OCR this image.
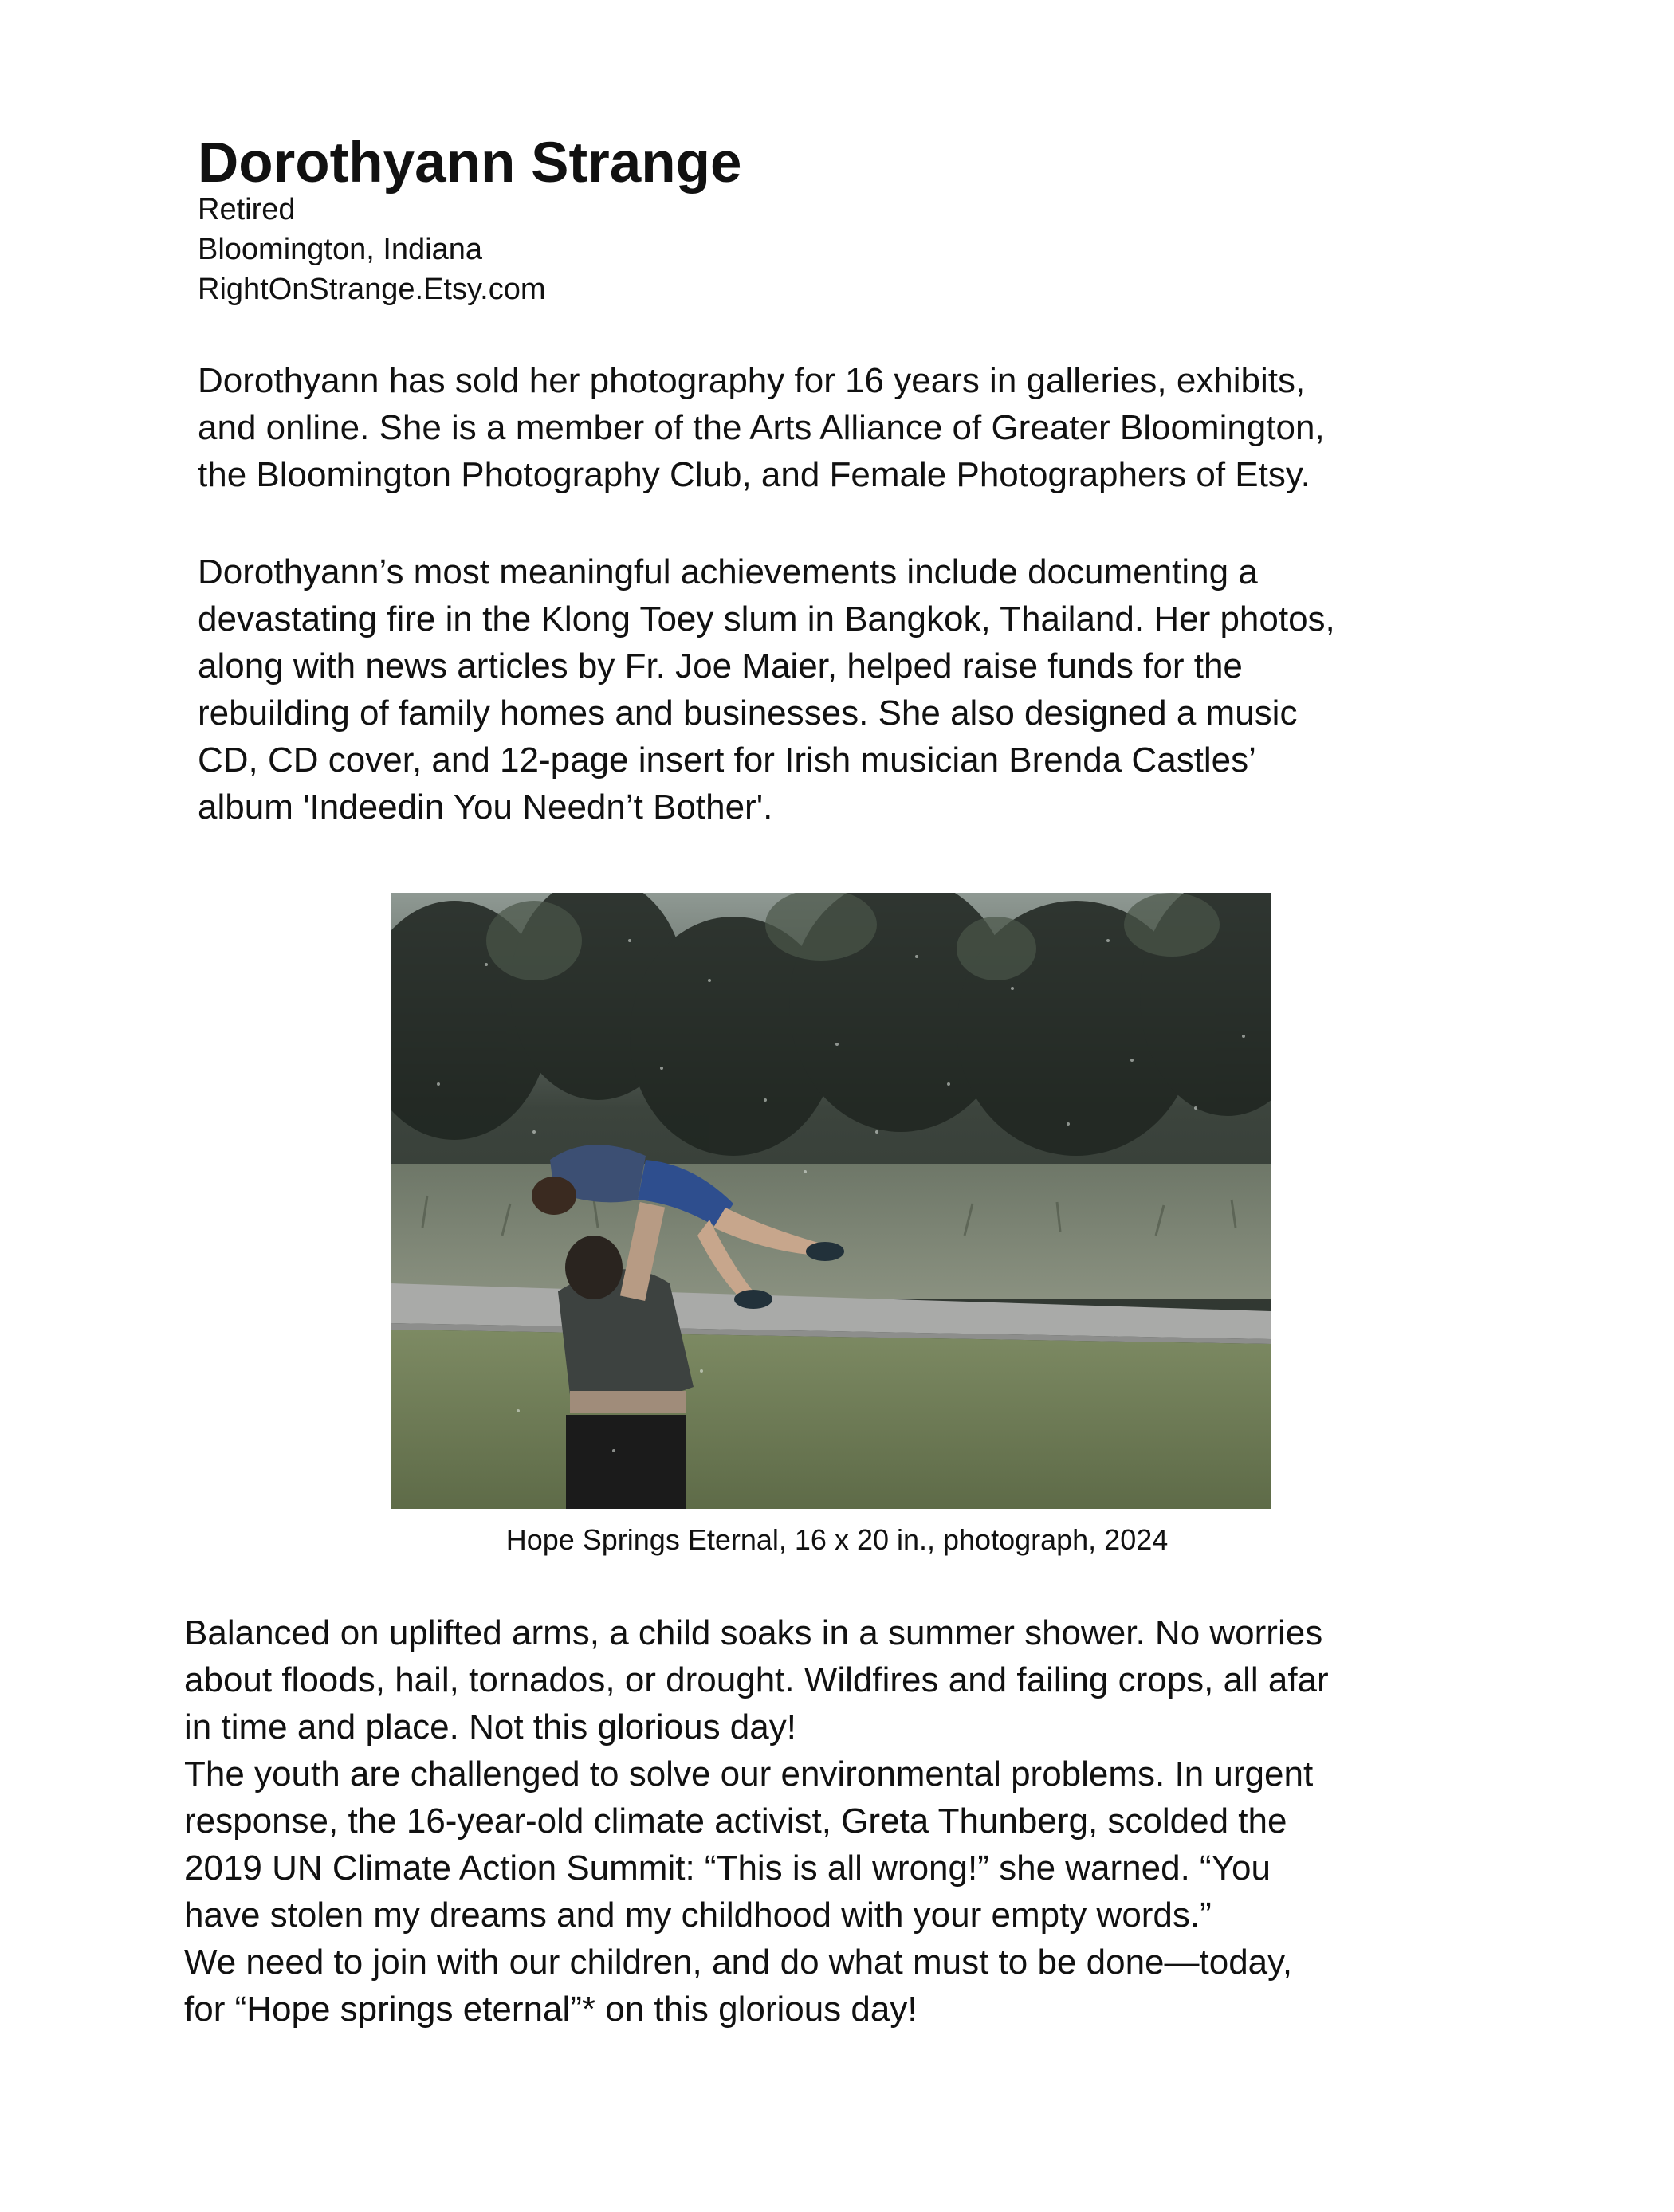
Dorothyann Strange
Retired
Bloomington, Indiana
RightOnStrange.Etsy.com

Dorothyann has sold her photography for 16 years in galleries, exhibits,
and online. She is a member of the Arts Alliance of Greater Bloomington,
the Bloomington Photography Club, and Female Photographers of Etsy.

Dorothyann’s most meaningful achievements include documenting a
devastating fire in the Klong Toey slum in Bangkok, Thailand. Her photos,
along with news articles by Fr. Joe Maier, helped raise funds for the
rebuilding of family homes and businesses. She also designed a music
CD, CD cover, and 12-page insert for Irish musician Brenda Castles’
album 'Indeedin You Needn’t Bother'.

Hope Springs Eternal, 16 x 20 in., photograph, 2024

Balanced on uplifted arms, a child soaks in a summer shower. No worries
about floods, hail, tornados, or drought. Wildfires and failing crops, all afar
in time and place. Not this glorious day!
The youth are challenged to solve our environmental problems. In urgent
response, the 16-year-old climate activist, Greta Thunberg, scolded the
2019 UN Climate Action Summit: “This is all wrong!” she warned. “You
have stolen my dreams and my childhood with your empty words.”
We need to join with our children, and do what must to be done—today,
for “Hope springs eternal”* on this glorious day!
